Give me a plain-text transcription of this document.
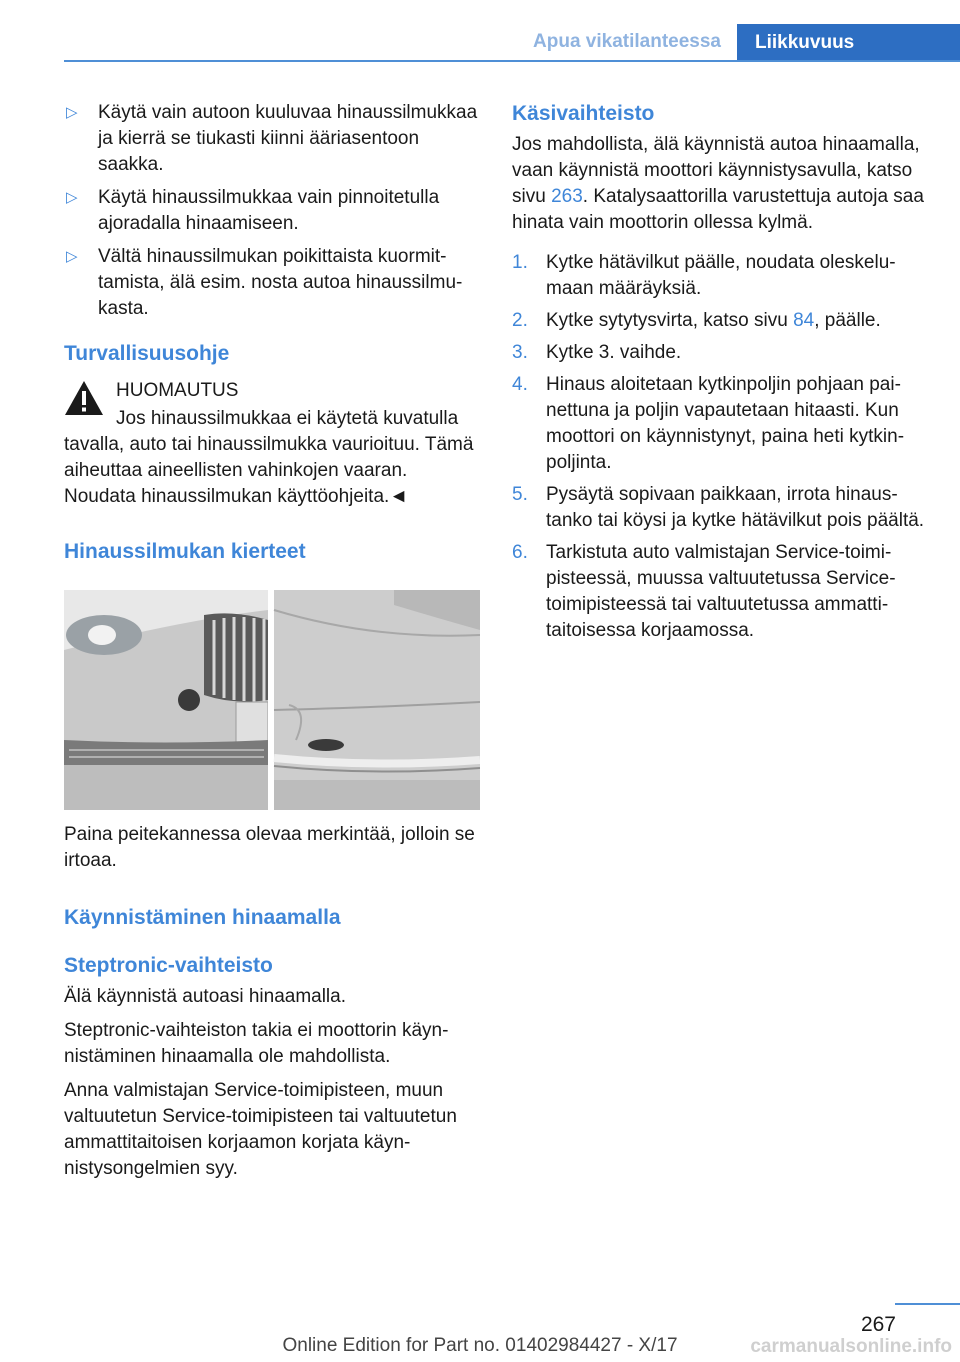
Apua vikatilanteessa	Liikkuvuus
▷ Käytä vain autoon kuuluvaa hinaussilmukkaa ja kierrä se tiukasti kiinni ääriasentoon saakka.
▷ Käytä hinaussilmukkaa vain pinnoitetulla ajoradalla hinaamiseen.
▷ Vältä hinaussilmukan poikittaista kuormittamista, älä esim. nosta autoa hinaussilmukasta.
Turvallisuusohje
HUOMAUTUS
Jos hinaussilmukkaa ei käytetä kuvatulla tavalla, auto tai hinaussilmukka vaurioituu. Tämä aiheuttaa aineellisten vahinkojen vaaran. Noudata hinaussilmukan käyttöohjeita.◄
Hinaussilmukan kierteet
Paina peitekannessa olevaa merkintää, jolloin se irtoaa.
Käynnistäminen hinaamalla
Steptronic-vaihteisto
Älä käynnistä autoasi hinaamalla.
Steptronic-vaihteiston takia ei moottorin käynnistäminen hinaamalla ole mahdollista.
Anna valmistajan Service-toimipisteen, muun valtuutetun Service-toimipisteen tai valtuutetun ammattitaitoisen korjaamon korjata käynnistysongelmien syy.
Käsivaihteisto
Jos mahdollista, älä käynnistä autoa hinaamalla, vaan käynnistä moottori käynnistysavulla, katso sivu 263. Katalysaattorilla varustettuja autoja saa hinata vain moottorin ollessa kylmä.
1. Kytke hätävilkut päälle, noudata oleskelumaan määräyksiä.
2. Kytke sytytysvirta, katso sivu 84, päälle.
3. Kytke 3. vaihde.
4. Hinaus aloitetaan kytkinpoljin pohjaan painettuna ja poljin vapautetaan hitaasti. Kun moottori on käynnistynyt, paina heti kytkinpoljinta.
5. Pysäytä sopivaan paikkaan, irrota hinaustanko tai köysi ja kytke hätävilkut pois päältä.
6. Tarkistuta auto valmistajan Service-toimipisteessä, muussa valtuutetussa Service-toimipisteessä tai valtuutetussa ammattitaitoisessa korjaamossa.
267
Online Edition for Part no. 01402984427 - X/17	carmanualsonline.info
